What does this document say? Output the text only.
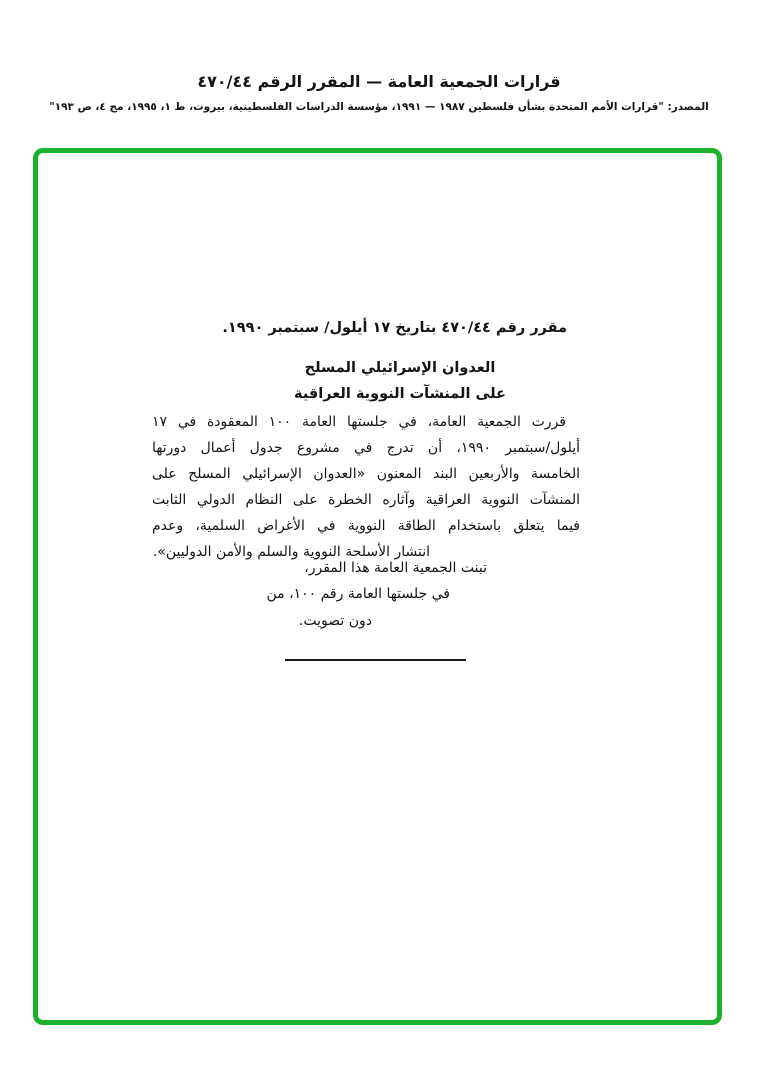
قرارات الجمعية العامة — المقرر الرقم ٤٧٠/٤٤
المصدر: "قرارات الأمم المتحدة بشأن فلسطين ١٩٨٧ — ١٩٩١، مؤسسة الدراسات الفلسطينية، بيروت، ط ١، ١٩٩٥، مج ٤، ص ١٩٣"
مقرر رقم ٤٧٠/٤٤ بتاريخ ١٧ أيلول/ سبتمبر ١٩٩٠.
العدوان الإسرائيلي المسلح
على المنشآت النووية العراقية
قررت الجمعية العامة، في جلستها العامة ١٠٠ المعقودة في ١٧
أيلول/سبتمبر ١٩٩٠، أن تدرج في مشروع جدول أعمال دورتها
الخامسة والأربعين البند المعنون «العدوان الإسرائيلي المسلح على
المنشآت النووية العراقية وآثاره الخطرة على النظام الدولي الثابت
فيما يتعلق باستخدام الطاقة النووية في الأغراض السلمية، وعدم
انتشار الأسلحة النووية والسلم والأمن الدوليين».
تبنت الجمعية العامة هذا المقرر،
في جلستها العامة رقم ١٠٠، من
دون تصويت.
